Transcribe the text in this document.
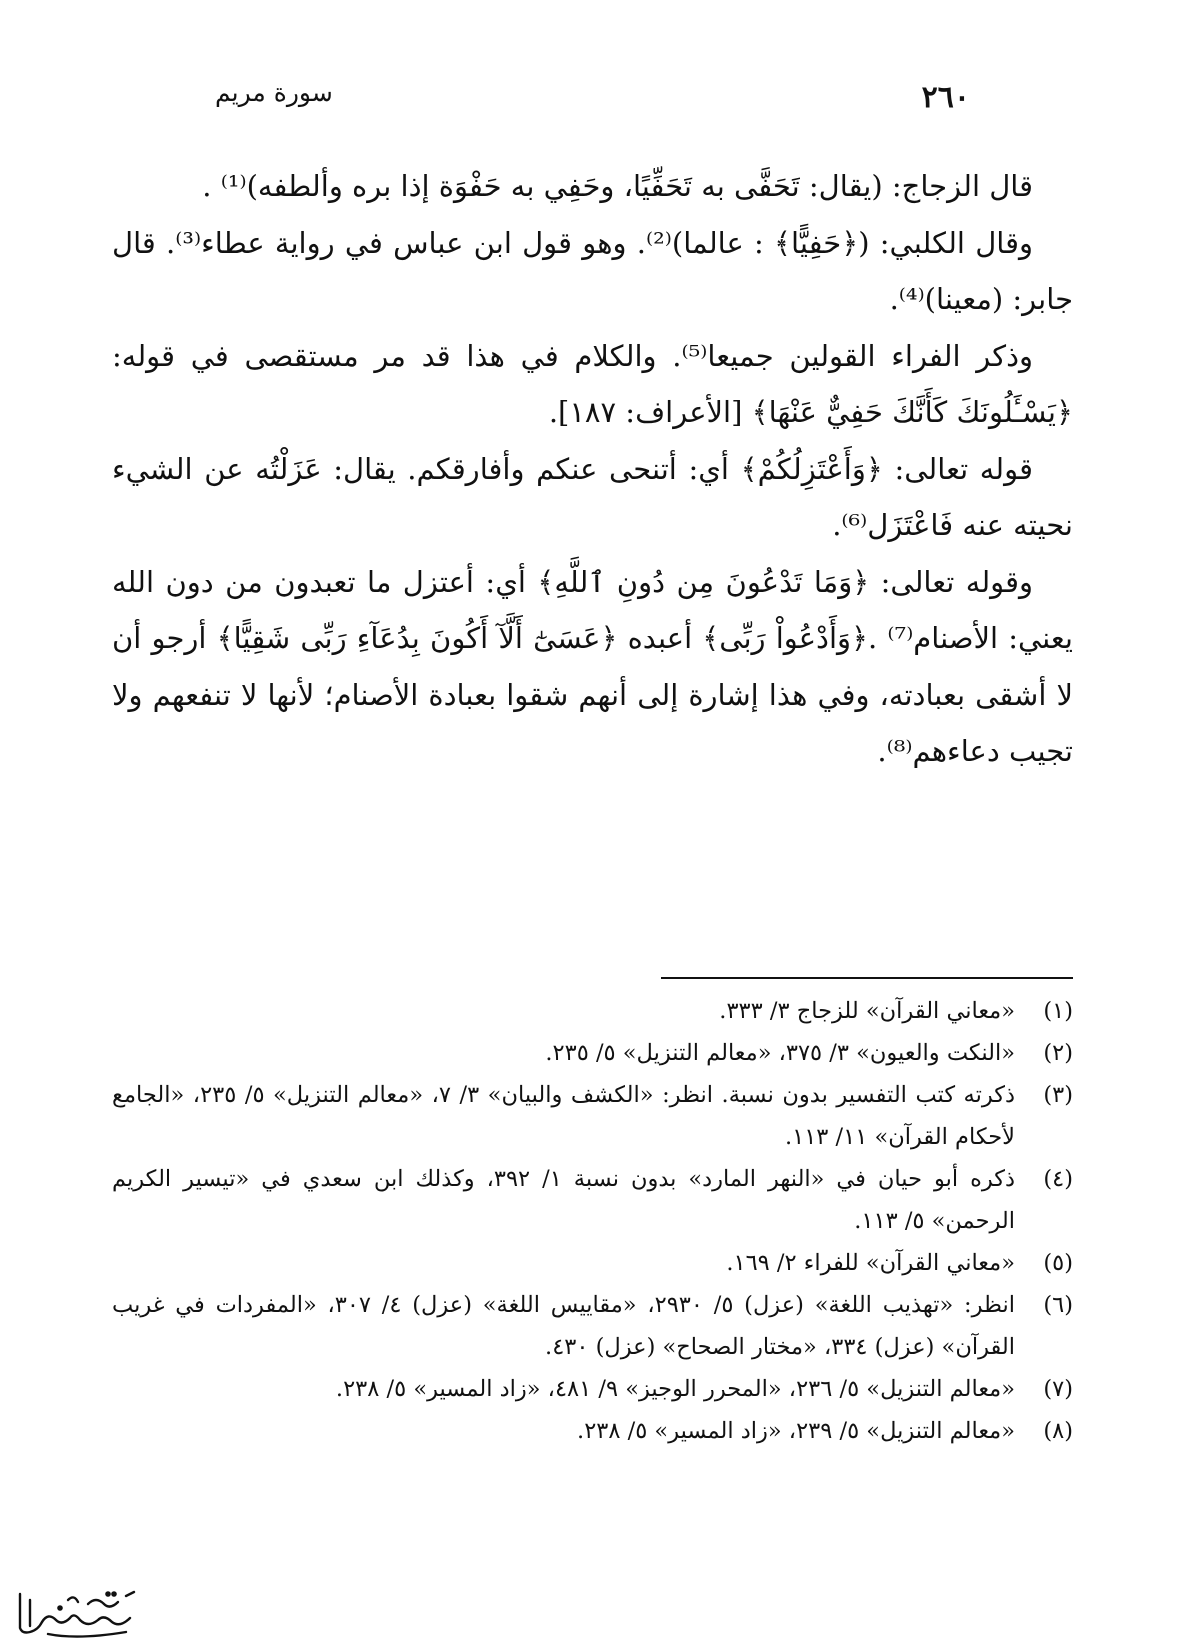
٢٦٠
سورة مريم

قال الزجاج: (يقال: تَحَفَّى به تَحَفِّيًا، وحَفِي به حَفْوَة إذا بره وألطفه)⁽¹⁾ .

وقال الكلبي: (﴿حَفِيًّا﴾ : عالما)⁽²⁾. وهو قول ابن عباس في رواية عطاء⁽³⁾. قال جابر: (معينا)⁽⁴⁾.

وذكر الفراء القولين جميعا⁽⁵⁾. والكلام في هذا قد مر مستقصى في قوله: ﴿يَسْـَٔلُونَكَ كَأَنَّكَ حَفِيٌّ عَنْهَا﴾ [الأعراف: ١٨٧].

قوله تعالى: ﴿وَأَعْتَزِلُكُمْ﴾ أي: أتنحى عنكم وأفارقكم. يقال: عَزَلْتُه عن الشيء نحيته عنه فَاعْتَزَل⁽⁶⁾.

وقوله تعالى: ﴿وَمَا تَدْعُونَ مِن دُونِ ٱللَّهِ﴾ أي: أعتزل ما تعبدون من دون الله يعني: الأصنام⁽⁷⁾ .﴿وَأَدْعُواْ رَبِّى﴾ أعبده ﴿عَسَىٰٓ أَلَّآ أَكُونَ بِدُعَآءِ رَبِّى شَقِيًّا﴾ أرجو أن لا أشقى بعبادته، وفي هذا إشارة إلى أنهم شقوا بعبادة الأصنام؛ لأنها لا تنفعهم ولا تجيب دعاءهم⁽⁸⁾.

(١)
«معاني القرآن» للزجاج ٣/ ٣٣٣.
(٢)
«النكت والعيون» ٣/ ٣٧٥، «معالم التنزيل» ٥/ ٢٣٥.
(٣)
ذكرته كتب التفسير بدون نسبة. انظر: «الكشف والبيان» ٣/ ٧، «معالم التنزيل» ٥/ ٢٣٥، «الجامع لأحكام القرآن» ١١/ ١١٣.
(٤)
ذكره أبو حيان في «النهر المارد» بدون نسبة ١/ ٣٩٢، وكذلك ابن سعدي في «تيسير الكريم الرحمن» ٥/ ١١٣.
(٥)
«معاني القرآن» للفراء ٢/ ١٦٩.
(٦)
انظر: «تهذيب اللغة» (عزل) ٥/ ٢٩٣٠، «مقاييس اللغة» (عزل) ٤/ ٣٠٧، «المفردات في غريب القرآن» (عزل) ٣٣٤، «مختار الصحاح» (عزل) ٤٣٠.
(٧)
«معالم التنزيل» ٥/ ٢٣٦، «المحرر الوجيز» ٩/ ٤٨١، «زاد المسير» ٥/ ٢٣٨.
(٨)
«معالم التنزيل» ٥/ ٢٣٩، «زاد المسير» ٥/ ٢٣٨.
